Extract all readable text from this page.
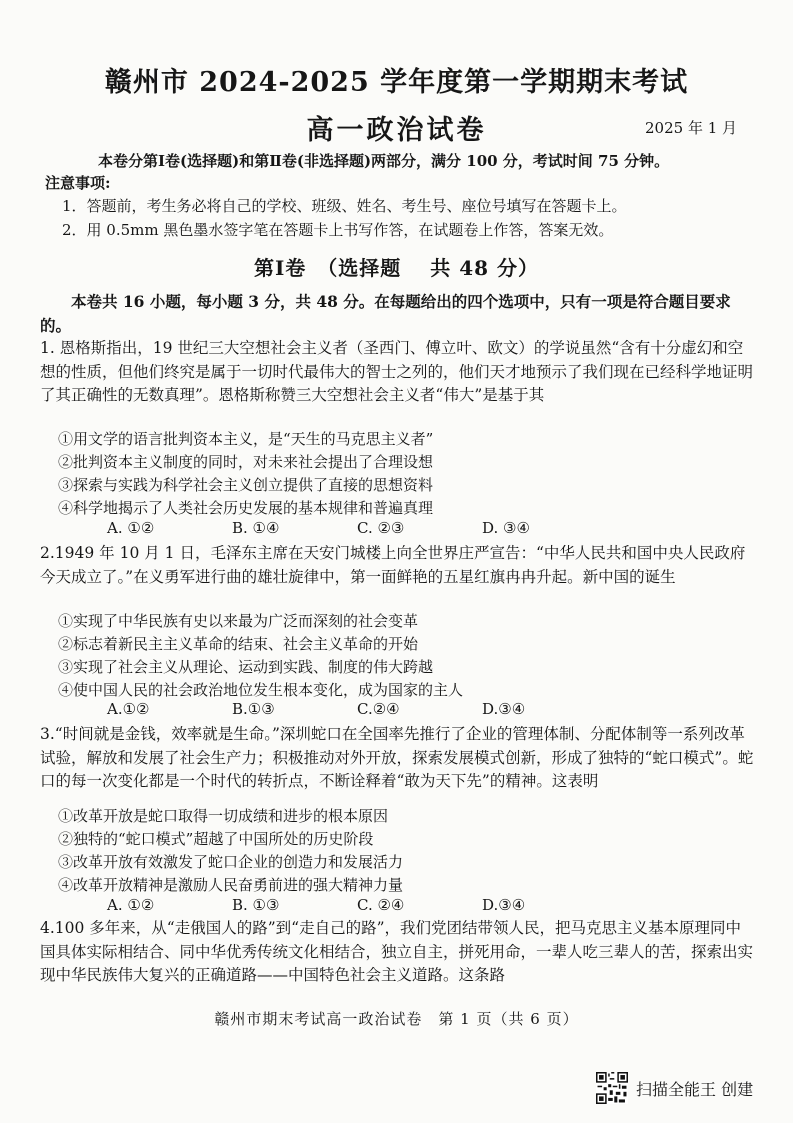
赣州市 2024-2025 学年度第一学期期末考试
高一政治试卷	2025 年 1 月
本卷分第Ⅰ卷(选择题)和第Ⅱ卷(非选择题)两部分，满分 100 分，考试时间 75 分钟。
注意事项:
1．答题前，考生务必将自己的学校、班级、姓名、考生号、座位号填写在答题卡上。
2．用 0.5mm 黑色墨水签字笔在答题卡上书写作答，在试题卷上作答，答案无效。
第Ⅰ卷　（选择题　 共 48 分）
本卷共 16 小题，每小题 3 分，共 48 分。在每题给出的四个选项中，只有一项是符合题目要求的。
1. 恩格斯指出，19 世纪三大空想社会主义者（圣西门、傅立叶、欧文）的学说虽然“含有十分虚幻和空想的性质，但他们终究是属于一切时代最伟大的智士之列的，他们天才地预示了我们现在已经科学地证明了其正确性的无数真理”。恩格斯称赞三大空想社会主义者“伟大”是基于其
①用文学的语言批判资本主义，是“天生的马克思主义者”
②批判资本主义制度的同时，对未来社会提出了合理设想
③探索与实践为科学社会主义创立提供了直接的思想资料
④科学地揭示了人类社会历史发展的基本规律和普遍真理
A. ①②	B. ①④	C. ②③	D. ③④
2.1949 年 10 月 1 日，毛泽东主席在天安门城楼上向全世界庄严宣告：“中华人民共和国中央人民政府今天成立了。”在义勇军进行曲的雄壮旋律中，第一面鲜艳的五星红旗冉冉升起。新中国的诞生
①实现了中华民族有史以来最为广泛而深刻的社会变革
②标志着新民主主义革命的结束、社会主义革命的开始
③实现了社会主义从理论、运动到实践、制度的伟大跨越
④使中国人民的社会政治地位发生根本变化，成为国家的主人
A.①②	B.①③	C.②④	D.③④
3.“时间就是金钱，效率就是生命。”深圳蛇口在全国率先推行了企业的管理体制、分配体制等一系列改革试验，解放和发展了社会生产力；积极推动对外开放，探索发展模式创新，形成了独特的“蛇口模式”。蛇口的每一次变化都是一个时代的转折点，不断诠释着“敢为天下先”的精神。这表明
①改革开放是蛇口取得一切成绩和进步的根本原因
②独特的“蛇口模式”超越了中国所处的历史阶段
③改革开放有效激发了蛇口企业的创造力和发展活力
④改革开放精神是激励人民奋勇前进的强大精神力量
A. ①②	B. ①③	C. ②④	D.③④
4.100 多年来，从“走俄国人的路”到“走自己的路”，我们党团结带领人民，把马克思主义基本原理同中国具体实际相结合、同中华优秀传统文化相结合，独立自主，拼死用命，一辈人吃三辈人的苦，探索出实现中华民族伟大复兴的正确道路——中国特色社会主义道路。这条路
赣州市期末考试高一政治试卷　第 1 页（共 6 页）
扫描全能王 创建
